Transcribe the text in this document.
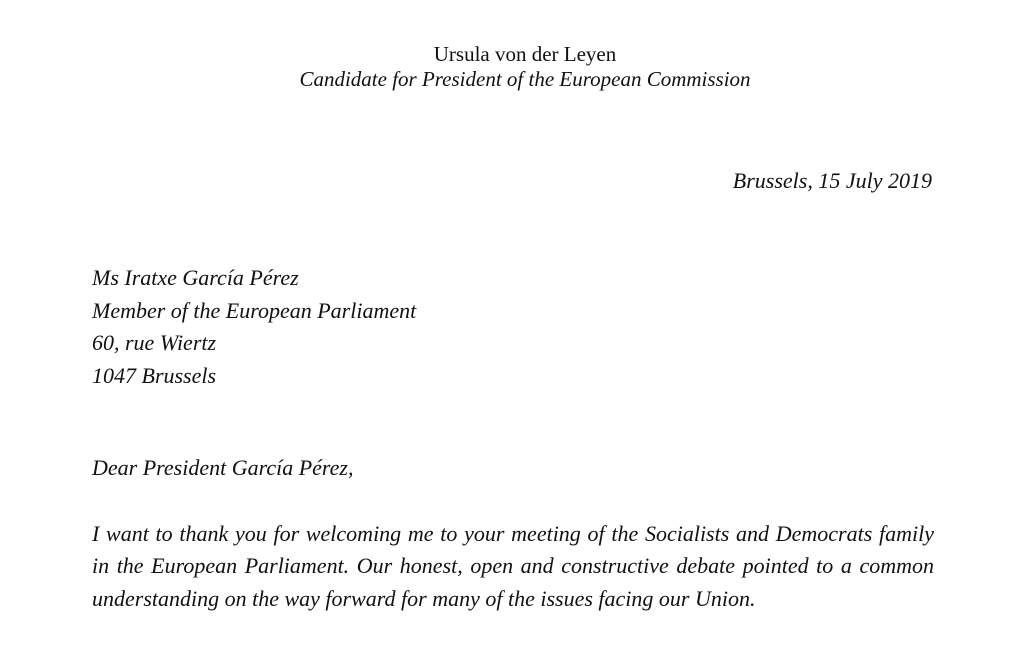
Ursula von der Leyen
Candidate for President of the European Commission
Brussels, 15 July 2019
Ms Iratxe García Pérez
Member of the European Parliament
60, rue Wiertz
1047 Brussels
Dear President García Pérez,
I want to thank you for welcoming me to your meeting of the Socialists and Democrats family in the European Parliament. Our honest, open and constructive debate pointed to a common understanding on the way forward for many of the issues facing our Union.
